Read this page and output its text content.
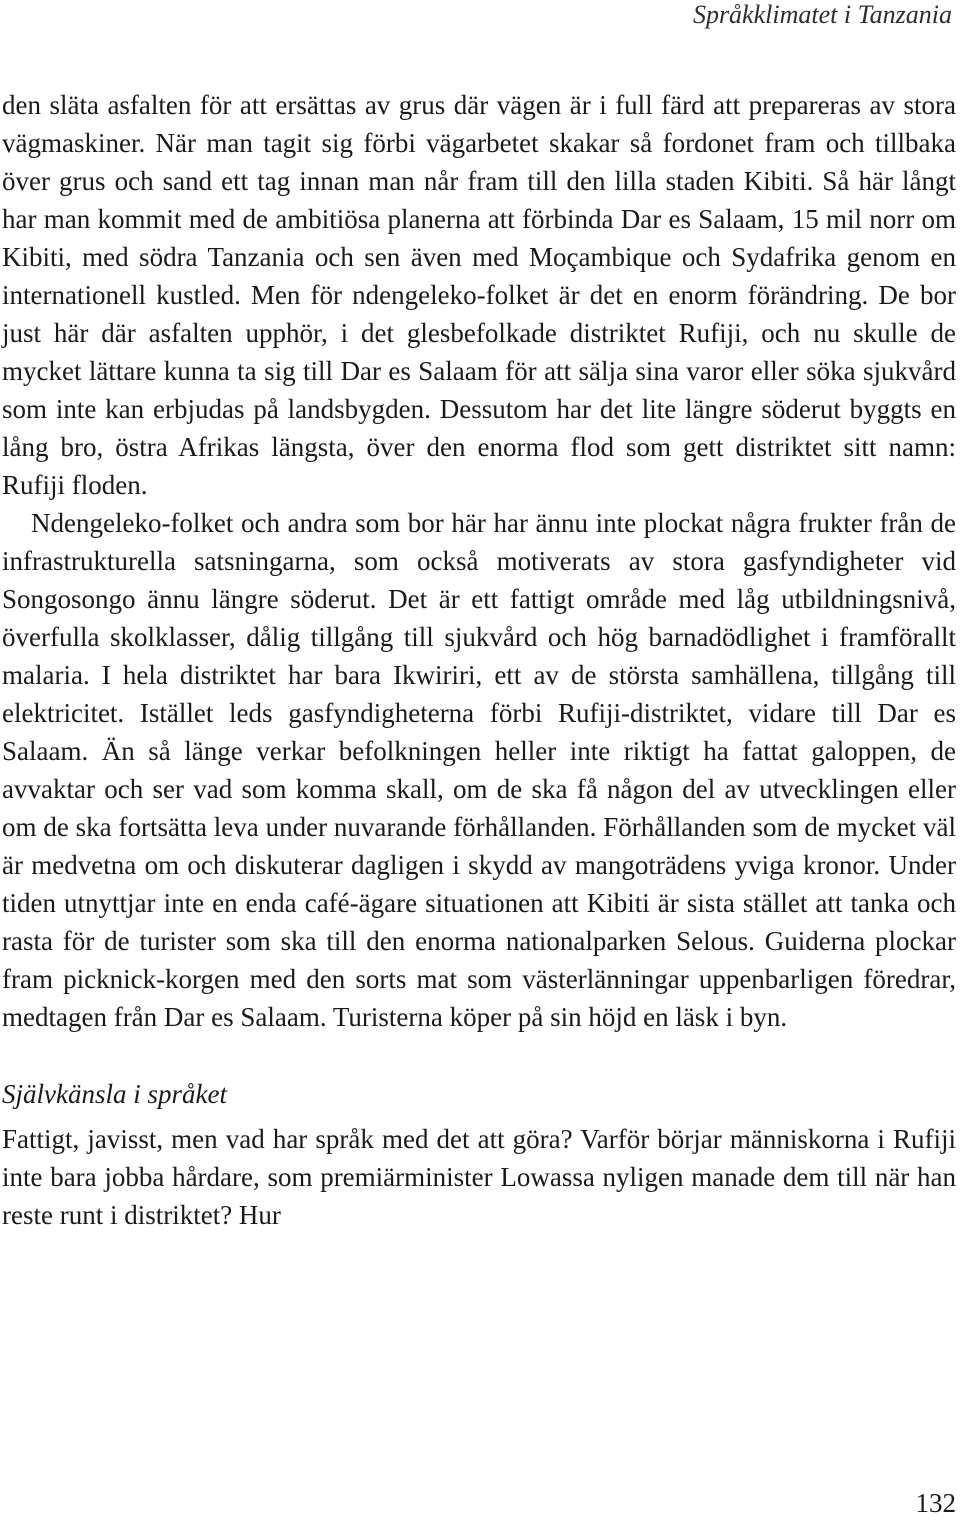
Språkklimatet i Tanzania

den släta asfalten för att ersättas av grus där vägen är i full färd att prepareras av stora vägmaskiner. När man tagit sig förbi vägarbetet skakar så fordonet fram och tillbaka över grus och sand ett tag innan man når fram till den lilla staden Kibiti. Så här långt har man kommit med de ambitiösa planerna att förbinda Dar es Salaam, 15 mil norr om Kibiti, med södra Tanzania och sen även med Moçambique och Sydafrika genom en internationell kustled. Men för ndengeleko-folket är det en enorm förändring. De bor just här där asfalten upphör, i det glesbefolkade distriktet Rufiji, och nu skulle de mycket lättare kunna ta sig till Dar es Salaam för att sälja sina varor eller söka sjukvård som inte kan erbjudas på landsbygden. Dessutom har det lite längre söderut byggts en lång bro, östra Afrikas längsta, över den enorma flod som gett distriktet sitt namn: Rufiji floden.

Ndengeleko-folket och andra som bor här har ännu inte plockat några frukter från de infrastrukturella satsningarna, som också motiverats av stora gasfyndigheter vid Songosongo ännu längre söderut. Det är ett fattigt område med låg utbildningsnivå, överfulla skolklasser, dålig tillgång till sjukvård och hög barnadödlighet i framförallt malaria. I hela distriktet har bara Ikwiriri, ett av de största samhällena, tillgång till elektricitet. Istället leds gasfyndigheterna förbi Rufiji-distriktet, vidare till Dar es Salaam. Än så länge verkar befolkningen heller inte riktigt ha fattat galoppen, de avvaktar och ser vad som komma skall, om de ska få någon del av utvecklingen eller om de ska fortsätta leva under nuvarande förhållanden. Förhållanden som de mycket väl är medvetna om och diskuterar dagligen i skydd av mangoträdens yviga kronor. Under tiden utnyttjar inte en enda café-ägare situationen att Kibiti är sista stället att tanka och rasta för de turister som ska till den enorma nationalparken Selous. Guiderna plockar fram picknick-korgen med den sorts mat som västerlänningar uppenbarligen föredrar, medtagen från Dar es Salaam. Turisterna köper på sin höjd en läsk i byn.

Självkänsla i språket

Fattigt, javisst, men vad har språk med det att göra? Varför börjar människorna i Rufiji inte bara jobba hårdare, som premiärminister Lowassa nyligen manade dem till när han reste runt i distriktet? Hur

132
